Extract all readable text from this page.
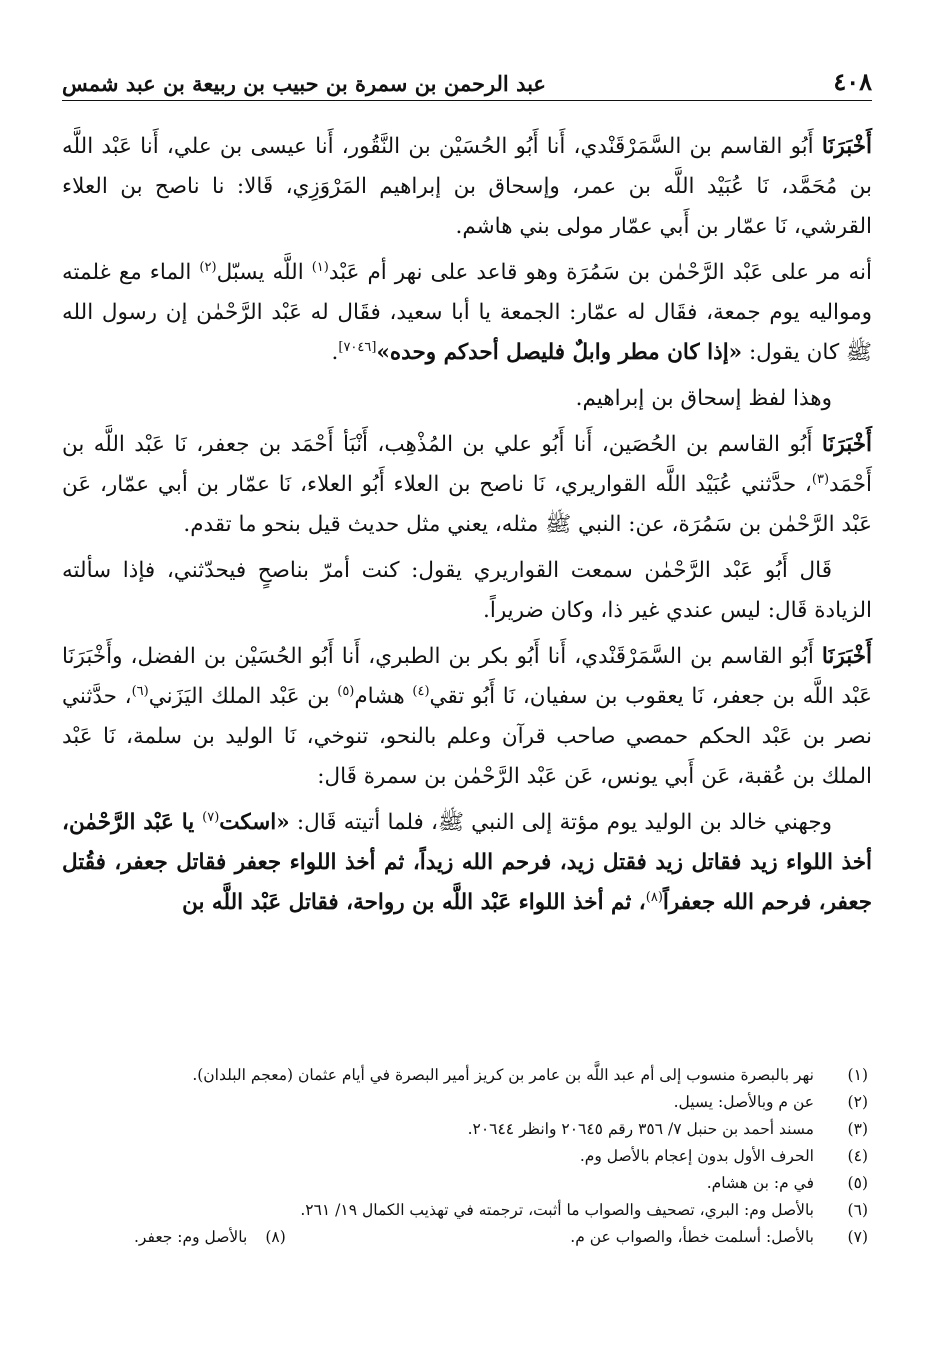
٤٠٨
عبد الرحمن بن سمرة بن حبيب بن ربيعة بن عبد شمس

أَخْبَرَنَا أَبُو القاسم بن السَّمَرْقَنْدي، أَنا أَبُو الحُسَيْن بن النَّقُور، أَنا عيسى بن علي، أَنا عَبْد اللَّه بن مُحَمَّد، نَا عُبَيْد اللَّه بن عمر، وإسحاق بن إبراهيم المَرْوَزِي، قَالا: نا ناصح بن العلاء القرشي، نَا عمّار بن أَبي عمّار مولى بني هاشم.

أنه مر على عَبْد الرَّحْمٰن بن سَمُرَة وهو قاعد على نهر أم عَبْد$^{(١)}$ اللَّه يسبّل$^{(٢)}$ الماء مع غلمته ومواليه يوم جمعة، فقَال له عمّار: الجمعة يا أبا سعيد، فقَال له عَبْد الرَّحْمٰن إن رسول الله ﷺ كان يقول: «إذا كان مطر وابلٌ فليصل أحدكم وحده»[٧٠٤٦].

وهذا لفظ إسحاق بن إبراهيم.

أَخْبَرَنَا أَبُو القاسم بن الحُصَين، أَنا أَبُو علي بن المُذْهِب، أَنْبَأ أَحْمَد بن جعفر، نَا عَبْد اللَّه بن أَحْمَد$^{(٣)}$، حدَّثني عُبَيْد اللَّه القواريري، نَا ناصح بن العلاء أَبُو العلاء، نَا عمّار بن أبي عمّار، عَن عَبْد الرَّحْمٰن بن سَمُرَة، عن: النبي ﷺ مثله، يعني مثل حديث قيل بنحو ما تقدم.

قَال أَبُو عَبْد الرَّحْمٰن سمعت القواريري يقول: كنت أمرّ بناصحٍ فيحدّثني، فإذا سألته الزيادة قَال: ليس عندي غير ذا، وكان ضريراً.

أَخْبَرَنَا أَبُو القاسم بن السَّمَرْقَنْدي، أَنا أَبُو بكر بن الطبري، أَنا أَبُو الحُسَيْن بن الفضل، وأَخْبَرَنَا عَبْد اللَّه بن جعفر، نَا يعقوب بن سفيان، نَا أَبُو تقي$^{(٤)}$ هشام$^{(٥)}$ بن عَبْد الملك اليَزَني$^{(٦)}$، حدَّثني نصر بن عَبْد الحكم حمصي صاحب قرآن وعلم بالنحو، تنوخي، نَا الوليد بن سلمة، نَا عَبْد الملك بن عُقبة، عَن أَبي يونس، عَن عَبْد الرَّحْمٰن بن سمرة قَال:

وجهني خالد بن الوليد يوم مؤتة إلى النبي ﷺ، فلما أتيته قَال: «اسكت$^{(٧)}$ يا عَبْد الرَّحْمٰن، أخذ اللواء زيد فقاتل زيد فقتل زيد، فرحم الله زيداً، ثم أخذ اللواء جعفر فقاتل جعفر، فقُتل جعفر، فرحم الله جعفراً$^{(٨)}$، ثم أخذ اللواء عَبْد اللَّه بن رواحة، فقاتل عَبْد اللَّه بن

(١)
نهر بالبصرة منسوب إلى أم عبد اللَّه بن عامر بن كريز أمير البصرة في أيام عثمان (معجم البلدان).
(٢)
عن م وبالأصل: يسيل.
(٣)
مسند أحمد بن حنبل ٧/ ٣٥٦ رقم ٢٠٦٤٥ وانظر ٢٠٦٤٤.
(٤)
الحرف الأول بدون إعجام بالأصل وم.
(٥)
في م: بن هشام.
(٦)
بالأصل وم: البري، تصحيف والصواب ما أثبت، ترجمته في تهذيب الكمال ١٩/ ٢٦١.
(٧)
بالأصل: أسلمت خطأ، والصواب عن م.
(٨)
بالأصل وم: جعفر.
